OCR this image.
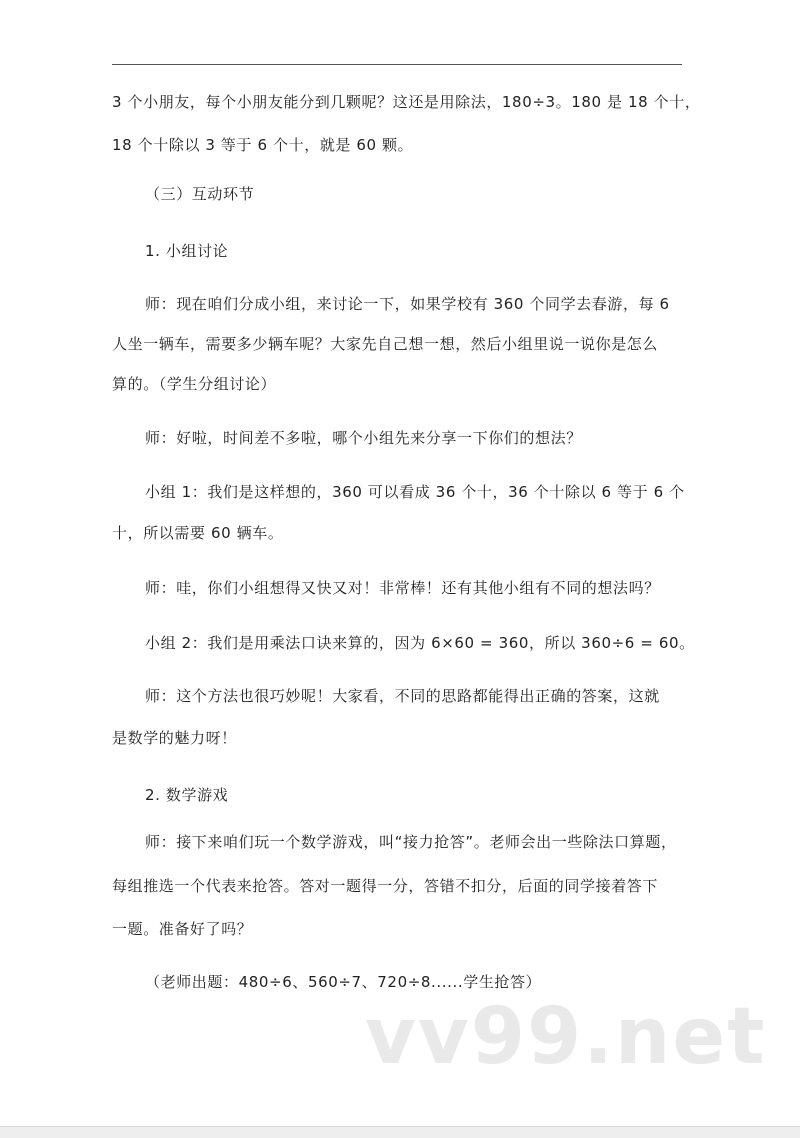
3 个小朋友，每个小朋友能分到几颗呢？这还是用除法，180÷3。180 是 18 个十，
18 个十除以 3 等于 6 个十，就是 60 颗。
（三）互动环节
1. 小组讨论
师：现在咱们分成小组，来讨论一下，如果学校有 360 个同学去春游，每 6
人坐一辆车，需要多少辆车呢？大家先自己想一想，然后小组里说一说你是怎么
算的。（学生分组讨论）
师：好啦，时间差不多啦，哪个小组先来分享一下你们的想法？
小组 1：我们是这样想的，360 可以看成 36 个十，36 个十除以 6 等于 6 个
十，所以需要 60 辆车。
师：哇，你们小组想得又快又对！非常棒！还有其他小组有不同的想法吗？
小组 2：我们是用乘法口诀来算的，因为 6×60 = 360，所以 360÷6 = 60。
师：这个方法也很巧妙呢！大家看，不同的思路都能得出正确的答案，这就
是数学的魅力呀！
2. 数学游戏
师：接下来咱们玩一个数学游戏，叫“接力抢答”。老师会出一些除法口算题，
每组推选一个代表来抢答。答对一题得一分，答错不扣分，后面的同学接着答下
一题。准备好了吗？
（老师出题：480÷6、560÷7、720÷8......学生抢答）
vv99.net
